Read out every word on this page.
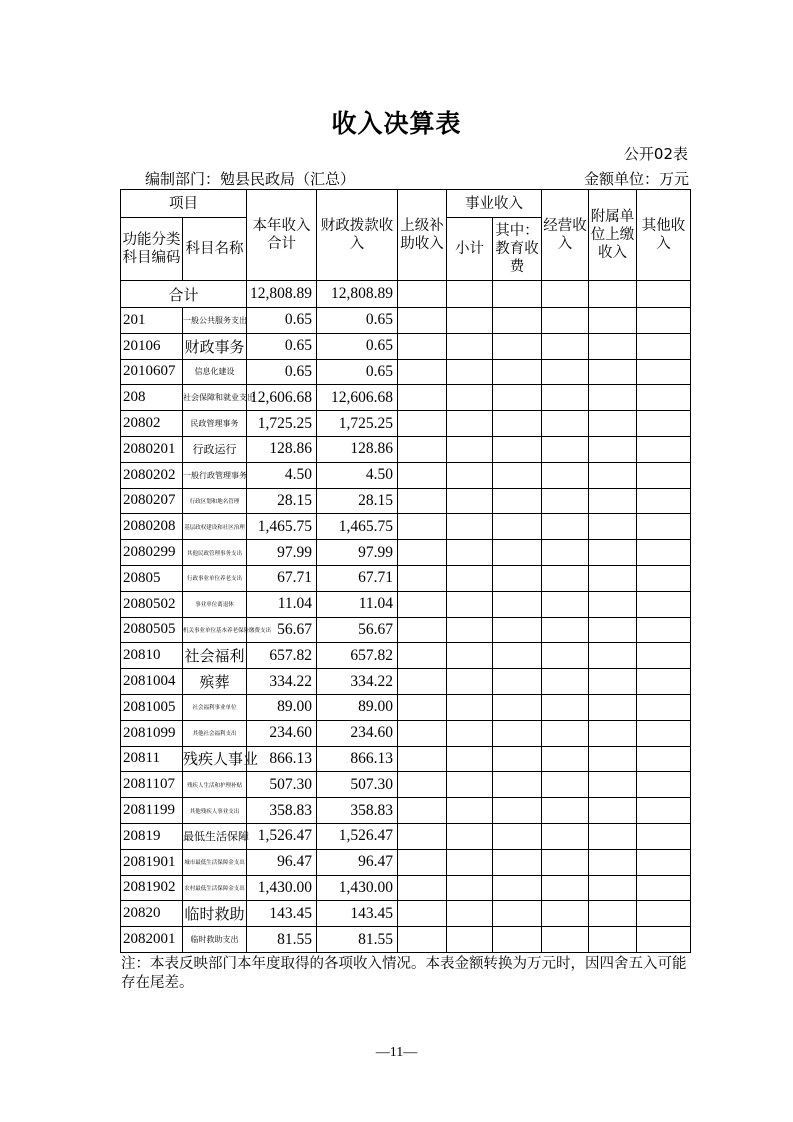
收入决算表
公开02表
编制部门：勉县民政局（汇总）	金额单位：万元
项目		本年收入合计	财政拨款收入	上级补助收入	事业收入		经营收入	附属单位上缴收入	其他收入
功能分类科目编码	科目名称				小计	其中：教育收费			
合计		12,808.89	12,808.89						
201	一般公共服务支出	0.65	0.65						
20106	财政事务	0.65	0.65						
2010607	信息化建设	0.65	0.65						
208	社会保障和就业支出	12,606.68	12,606.68						
20802	民政管理事务	1,725.25	1,725.25						
2080201	行政运行	128.86	128.86						
2080202	一般行政管理事务	4.50	4.50						
2080207	行政区划和地名管理	28.15	28.15						
2080208	基层政权建设和社区治理	1,465.75	1,465.75						
2080299	其他民政管理事务支出	97.99	97.99						
20805	行政事业单位养老支出	67.71	67.71						
2080502	事业单位离退休	11.04	11.04						
2080505	机关事业单位基本养老保险缴费支出	56.67	56.67						
20810	社会福利	657.82	657.82						
2081004	殡葬	334.22	334.22						
2081005	社会福利事业单位	89.00	89.00						
2081099	其他社会福利支出	234.60	234.60						
20811	残疾人事业	866.13	866.13						
2081107	残疾人生活和护理补贴	507.30	507.30						
2081199	其他残疾人事业支出	358.83	358.83						
20819	最低生活保障	1,526.47	1,526.47						
2081901	城市最低生活保障金支出	96.47	96.47						
2081902	农村最低生活保障金支出	1,430.00	1,430.00						
20820	临时救助	143.45	143.45						
2082001	临时救助支出	81.55	81.55						
注：本表反映部门本年度取得的各项收入情况。本表金额转换为万元时，因四舍五入可能存在尾差。
—11—
